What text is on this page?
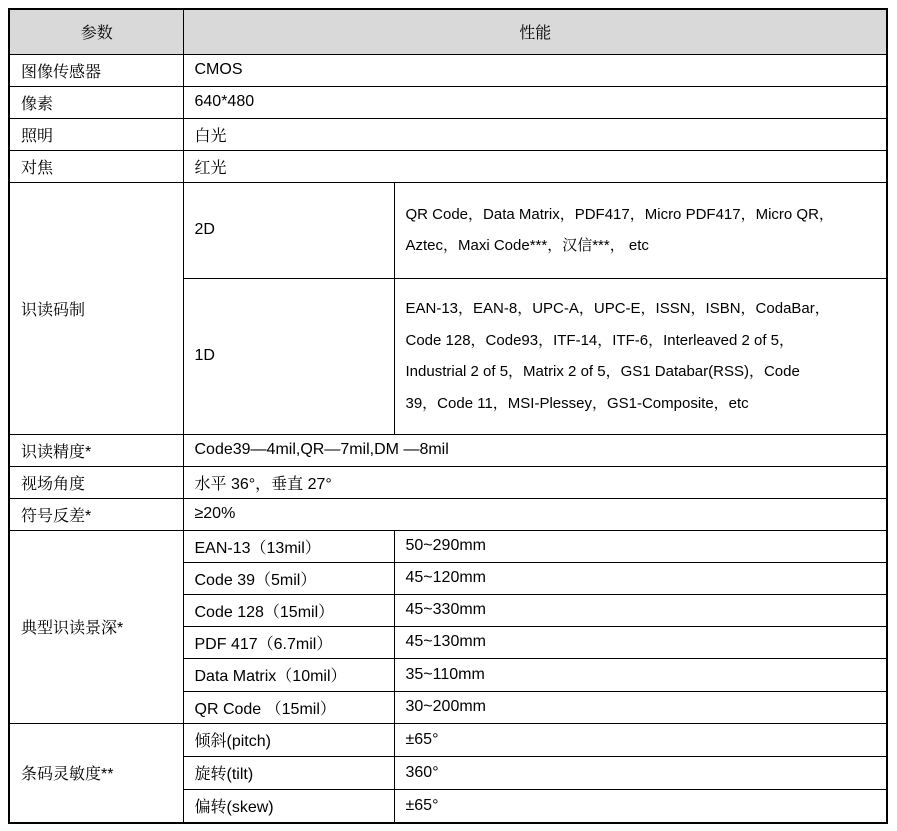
参数	性能	
图像传感器	CMOS	
像素	640*480	
照明	白光	
对焦	红光	
识读码制	2D	QR Code，Data Matrix，PDF417，Micro PDF417，Micro QR，
Aztec，Maxi Code***，汉信***， etc

	1D	EAN-13，EAN-8，UPC-A，UPC-E，ISSN，ISBN，CodaBar，
Code 128，Code93，ITF-14，ITF-6，Interleaved 2 of 5，
Industrial 2 of 5，Matrix 2 of 5，GS1 Databar(RSS)，Code
39，Code 11，MSI-Plessey，GS1-Composite，etc

识读精度*	Code39—4mil,QR—7mil,DM —8mil	
视场角度	水平 36°，垂直 27°	
符号反差*	≥20%	
典型识读景深*	EAN-13（13mil）	50~290mm
	Code 39（5mil）	45~120mm
	Code 128（15mil）	45~330mm
	PDF 417（6.7mil）	45~130mm
	Data Matrix（10mil）	35~110mm
	QR Code （15mil）	30~200mm
条码灵敏度**	倾斜(pitch)	±65°
	旋转(tilt)	360°
	偏转(skew)	±65°
